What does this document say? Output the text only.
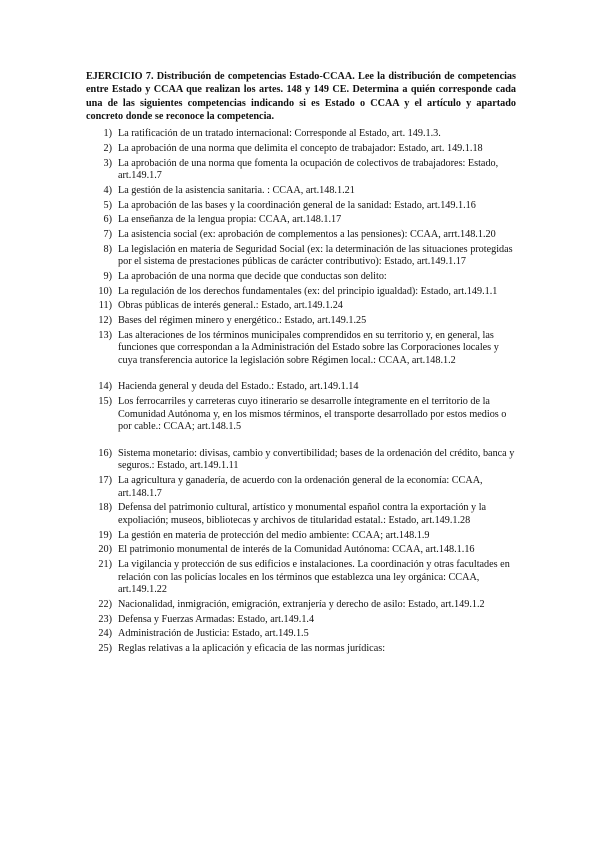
EJERCICIO 7. Distribución de competencias Estado-CCAA. Lee la distribución de competencias entre Estado y CCAA que realizan los artes. 148 y 149 CE. Determina a quién corresponde cada una de las siguientes competencias indicando si es Estado o CCAA y el artículo y apartado concreto donde se reconoce la competencia.

1) La ratificación de un tratado internacional: Corresponde al Estado, art. 149.1.3.
2) La aprobación de una norma que delimita el concepto de trabajador: Estado, art. 149.1.18
3) La aprobación de una norma que fomenta la ocupación de colectivos de trabajadores: Estado, art.149.1.7
4) La gestión de la asistencia sanitaria. : CCAA, art.148.1.21
5) La aprobación de las bases y la coordinación general de la sanidad: Estado, art.149.1.16
6) La enseñanza de la lengua propia: CCAA, art.148.1.17
7) La asistencia social (ex: aprobación de complementos a las pensiones): CCAA, arrt.148.1.20
8) La legislación en materia de Seguridad Social (ex: la determinación de las situaciones protegidas por el sistema de prestaciones públicas de carácter contributivo): Estado, art.149.1.17
9) La aprobación de una norma que decide que conductas son delito:
10) La regulación de los derechos fundamentales (ex: del principio igualdad): Estado, art.149.1.1
11) Obras públicas de interés general.: Estado, art.149.1.24
12) Bases del régimen minero y energético.: Estado, art.149.1.25
13) Las alteraciones de los términos municipales comprendidos en su territorio y, en general, las funciones que correspondan a la Administración del Estado sobre las Corporaciones locales y cuya transferencia autorice la legislación sobre Régimen local.: CCAA, art.148.1.2
14) Hacienda general y deuda del Estado.: Estado, art.149.1.14
15) Los ferrocarriles y carreteras cuyo itinerario se desarrolle íntegramente en el territorio de la Comunidad Autónoma y, en los mismos términos, el transporte desarrollado por estos medios o por cable.: CCAA; art.148.1.5
16) Sistema monetario: divisas, cambio y convertibilidad; bases de la ordenación del crédito, banca y seguros.: Estado, art.149.1.11
17) La agricultura y ganadería, de acuerdo con la ordenación general de la economía: CCAA, art.148.1.7
18) Defensa del patrimonio cultural, artístico y monumental español contra la exportación y la expoliación; museos, bibliotecas y archivos de titularidad estatal.: Estado, art.149.1.28
19) La gestión en materia de protección del medio ambiente: CCAA; art.148.1.9
20) El patrimonio monumental de interés de la Comunidad Autónoma: CCAA, art.148.1.16
21) La vigilancia y protección de sus edificios e instalaciones. La coordinación y otras facultades en relación con las policías locales en los términos que establezca una ley orgánica: CCAA, art.149.1.22
22) Nacionalidad, inmigración, emigración, extranjería y derecho de asilo: Estado, art.149.1.2
23) Defensa y Fuerzas Armadas: Estado, art.149.1.4
24) Administración de Justicia: Estado, art.149.1.5
25) Reglas relativas a la aplicación y eficacia de las normas jurídicas:
